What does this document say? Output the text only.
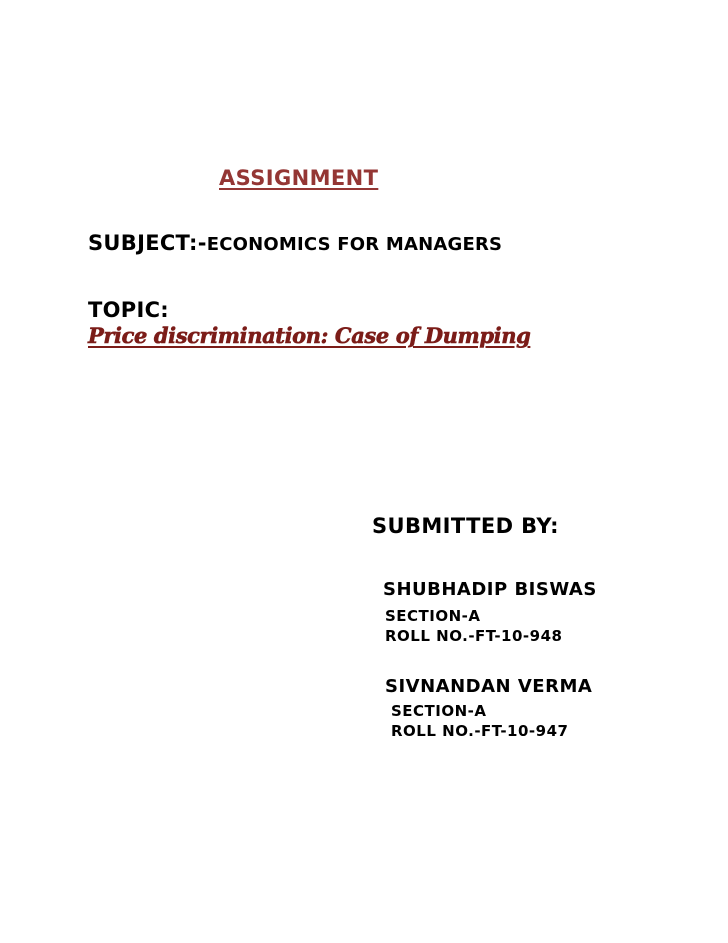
ASSIGNMENT
SUBJECT:-ECONOMICS FOR MANAGERS
TOPIC:
Price discrimination: Case of Dumping
SUBMITTED BY:
SHUBHADIP BISWAS
SECTION-A
ROLL NO.-FT-10-948
SIVNANDAN VERMA
SECTION-A
ROLL NO.-FT-10-947
